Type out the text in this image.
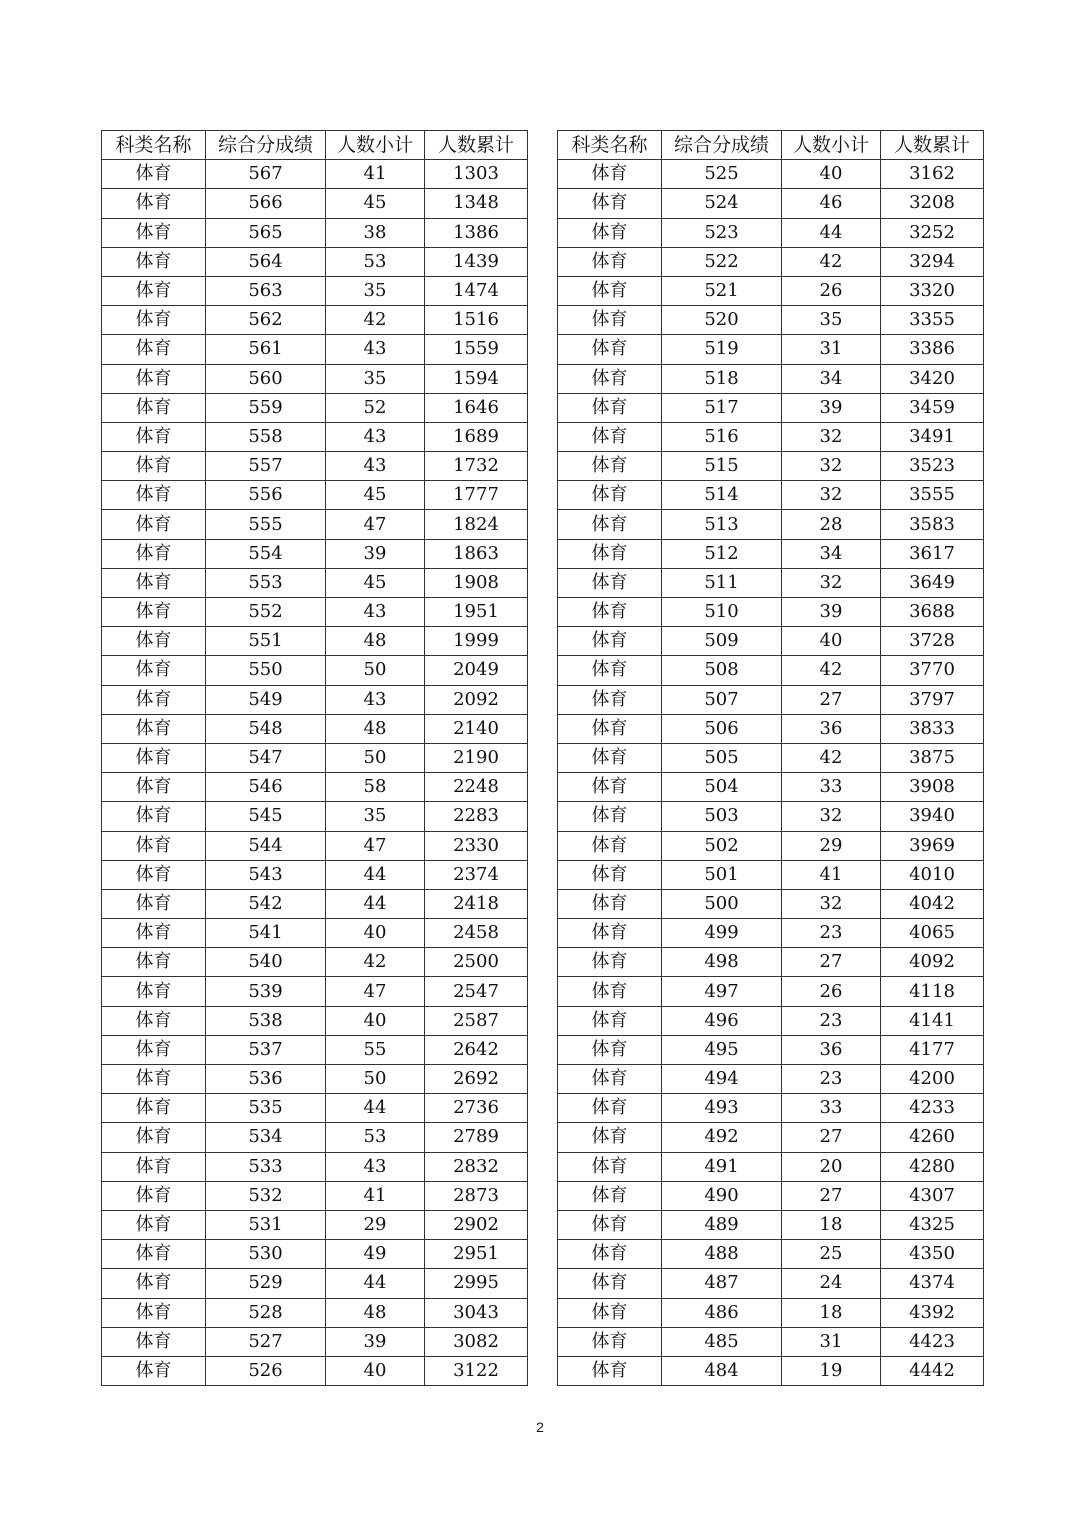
科类名称	综合分成绩	人数小计	人数累计
体育	567	41	1303
体育	566	45	1348
体育	565	38	1386
体育	564	53	1439
体育	563	35	1474
体育	562	42	1516
体育	561	43	1559
体育	560	35	1594
体育	559	52	1646
体育	558	43	1689
体育	557	43	1732
体育	556	45	1777
体育	555	47	1824
体育	554	39	1863
体育	553	45	1908
体育	552	43	1951
体育	551	48	1999
体育	550	50	2049
体育	549	43	2092
体育	548	48	2140
体育	547	50	2190
体育	546	58	2248
体育	545	35	2283
体育	544	47	2330
体育	543	44	2374
体育	542	44	2418
体育	541	40	2458
体育	540	42	2500
体育	539	47	2547
体育	538	40	2587
体育	537	55	2642
体育	536	50	2692
体育	535	44	2736
体育	534	53	2789
体育	533	43	2832
体育	532	41	2873
体育	531	29	2902
体育	530	49	2951
体育	529	44	2995
体育	528	48	3043
体育	527	39	3082
体育	526	40	3122
科类名称	综合分成绩	人数小计	人数累计
体育	525	40	3162
体育	524	46	3208
体育	523	44	3252
体育	522	42	3294
体育	521	26	3320
体育	520	35	3355
体育	519	31	3386
体育	518	34	3420
体育	517	39	3459
体育	516	32	3491
体育	515	32	3523
体育	514	32	3555
体育	513	28	3583
体育	512	34	3617
体育	511	32	3649
体育	510	39	3688
体育	509	40	3728
体育	508	42	3770
体育	507	27	3797
体育	506	36	3833
体育	505	42	3875
体育	504	33	3908
体育	503	32	3940
体育	502	29	3969
体育	501	41	4010
体育	500	32	4042
体育	499	23	4065
体育	498	27	4092
体育	497	26	4118
体育	496	23	4141
体育	495	36	4177
体育	494	23	4200
体育	493	33	4233
体育	492	27	4260
体育	491	20	4280
体育	490	27	4307
体育	489	18	4325
体育	488	25	4350
体育	487	24	4374
体育	486	18	4392
体育	485	31	4423
体育	484	19	4442
2
